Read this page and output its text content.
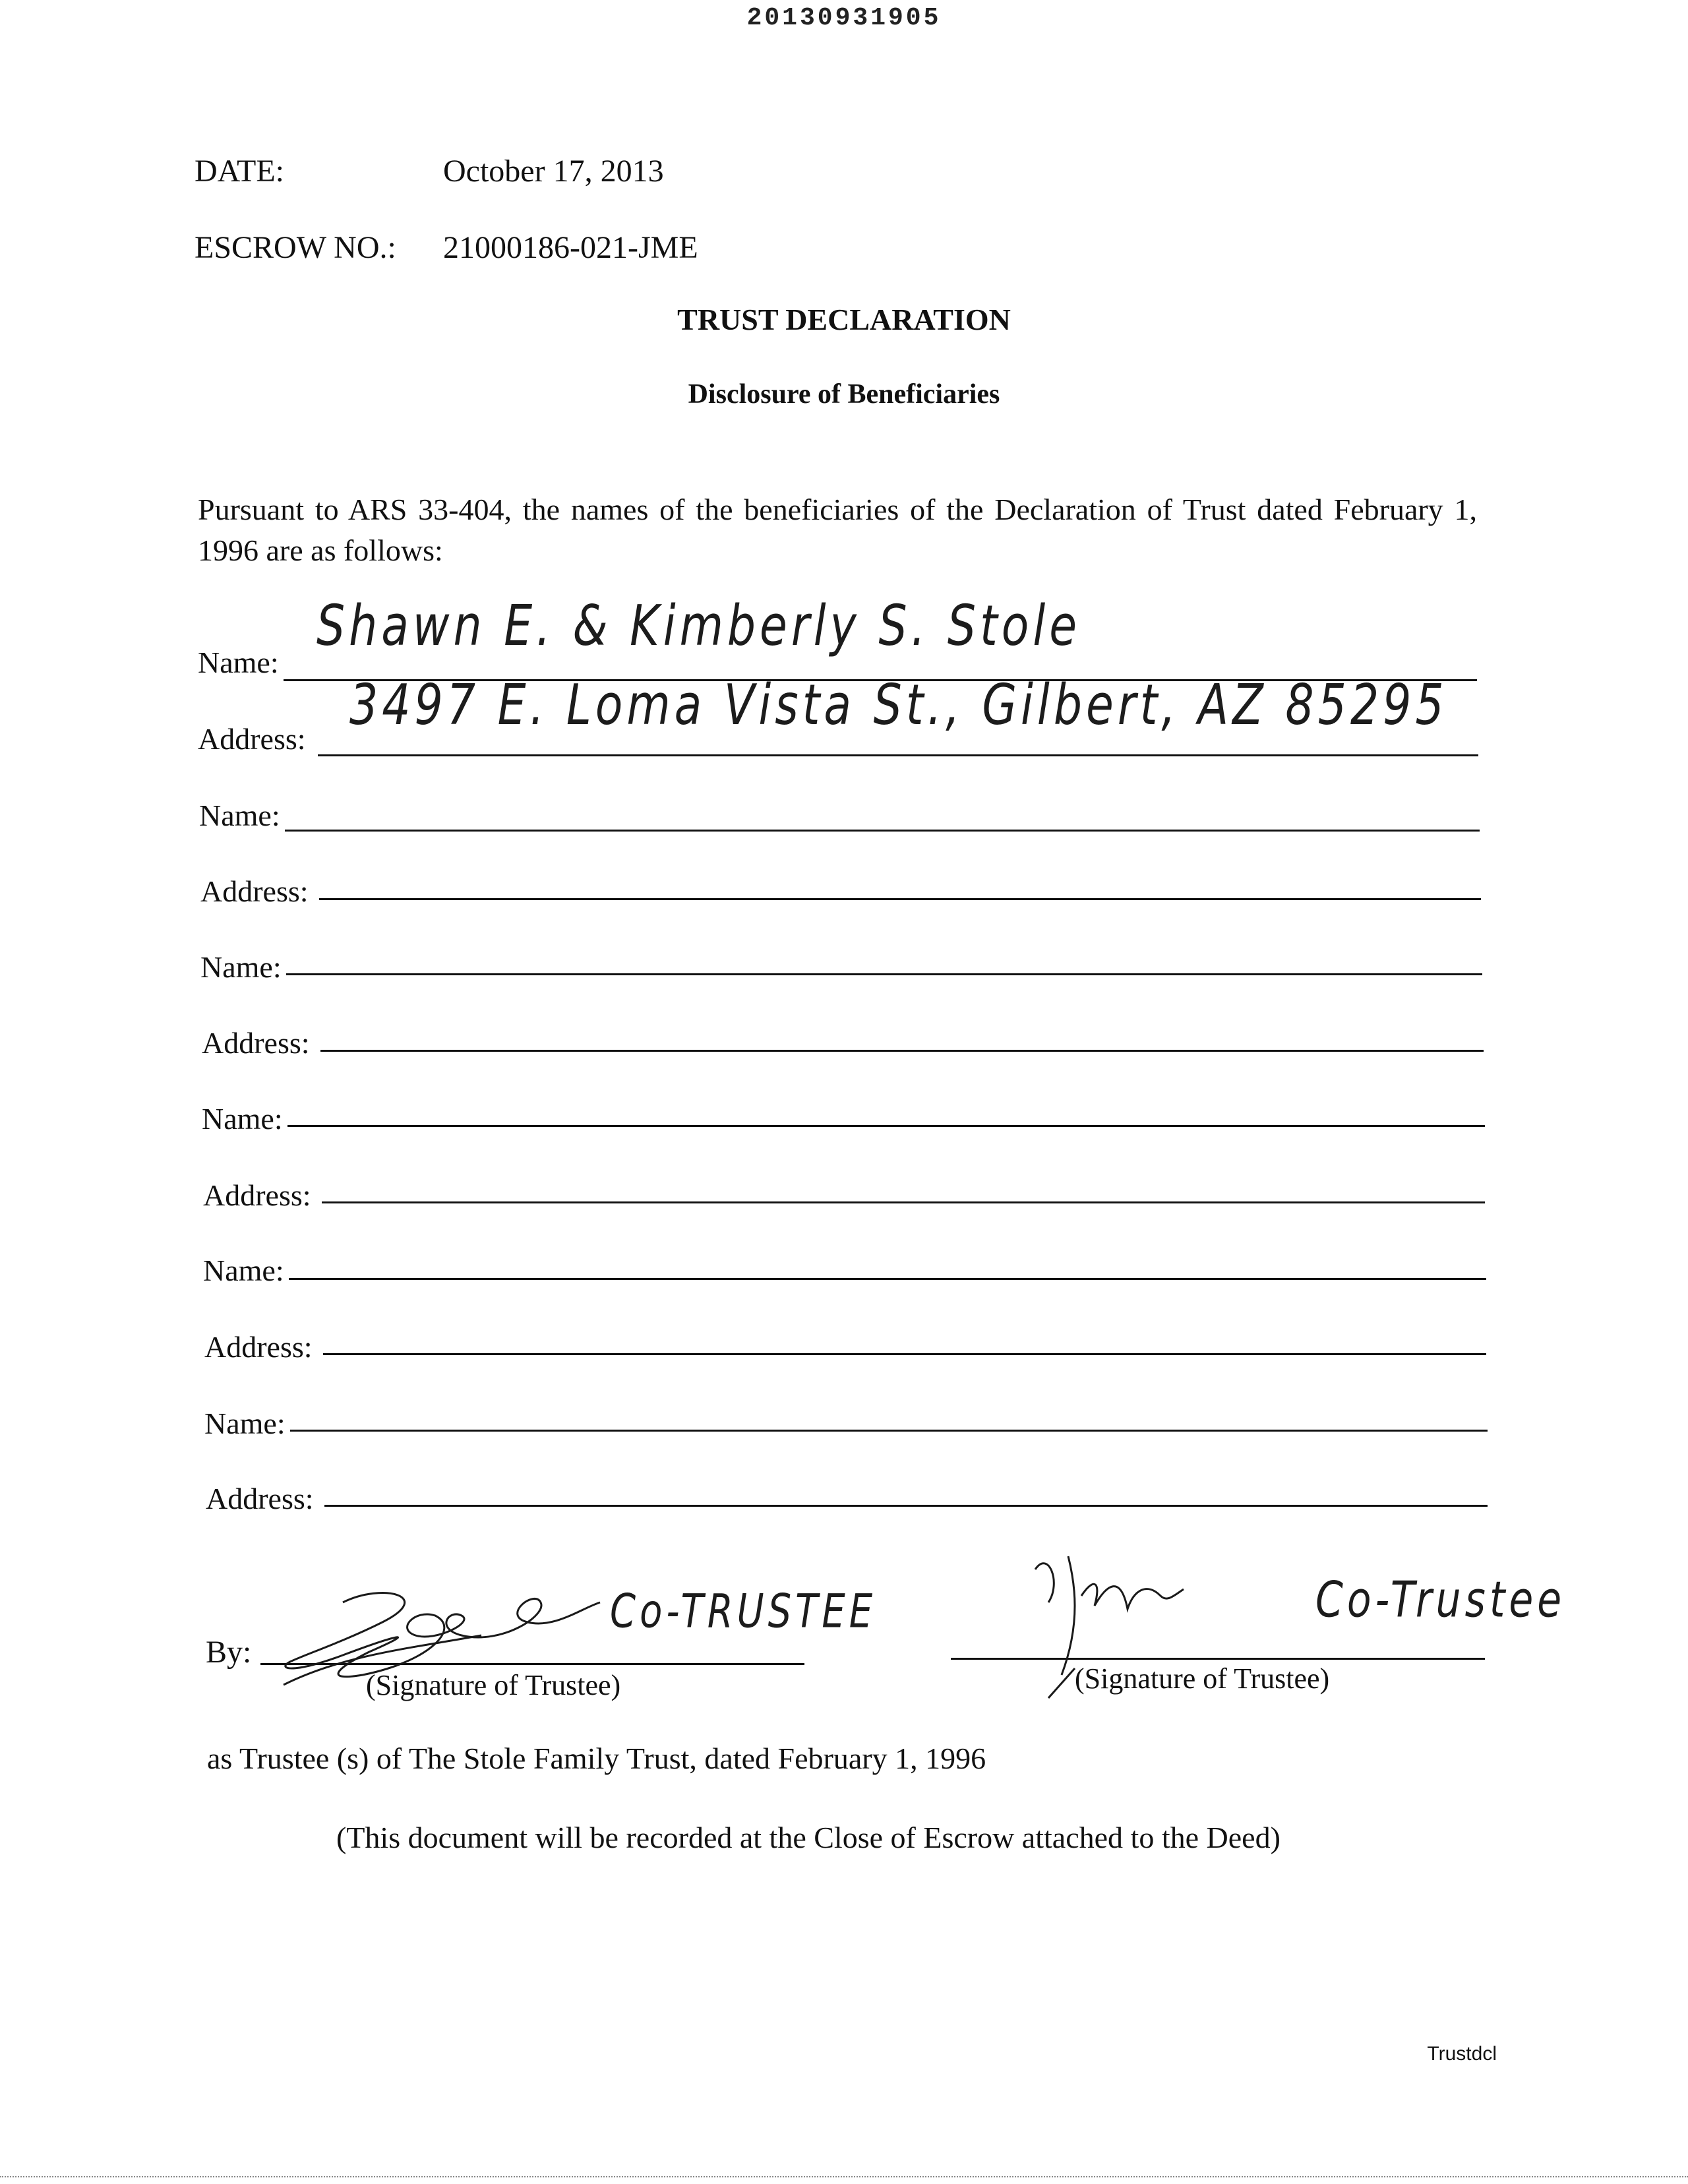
20130931905
DATE:	October 17, 2013
ESCROW NO.: 21000186-021-JME
TRUST DECLARATION
Disclosure of Beneficiaries
Pursuant to ARS 33-404, the names of the beneficiaries of the Declaration of Trust dated February 1, 1996 are as follows:
Name:
Shawn E. & Kimberly S. Stole
Address:
3497 E. Loma Vista St., Gilbert, AZ 85295
Name:
Address:
Name:
Address:
Name:
Address:
Name:
Address:
Name:
Address:
By:
Co-TRUSTEE	Co-Trustee
(Signature of Trustee)	(Signature of Trustee)
as Trustee (s) of The Stole Family Trust, dated February 1, 1996
(This document will be recorded at the Close of Escrow attached to the Deed)
Trustdcl
